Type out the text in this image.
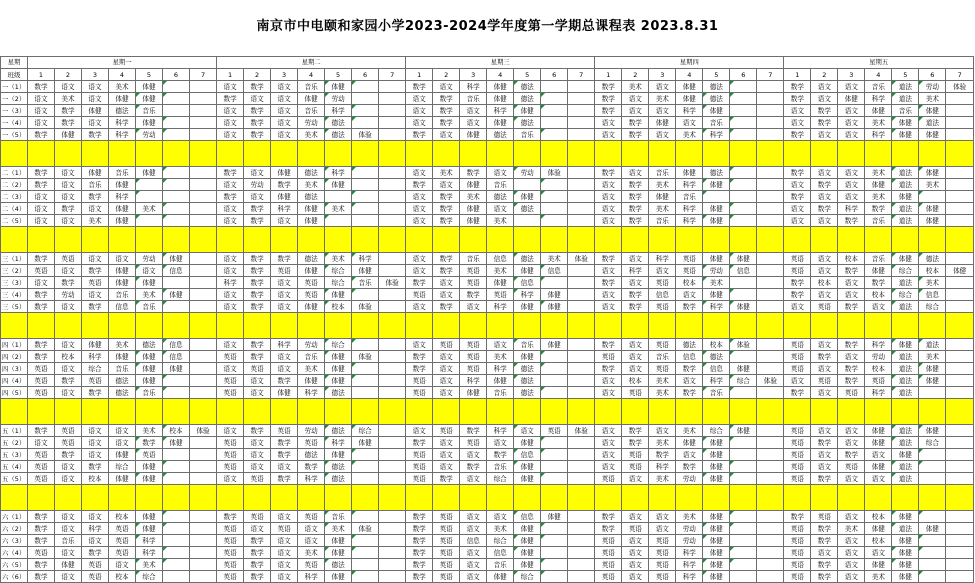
南京市中电颐和家园小学2023-2024学年度第一学期总课程表 2023.8.31
星期	星期一							星期二							星期三							星期四							星期五						
班级	1	2	3	4	5	6	7	1	2	3	4	5	6	7	1	2	3	4	5	6	7	1	2	3	4	5	6	7	1	2	3	4	5	6	7
一（1）	数学	语文	语文	美术	体健			语文	数学	语文	音乐	体健			数学	语文	科学	体健	德法			数学	美术	语文	体健	德法			数学	语文	语文	音乐	道法	劳动	体验
一（2）	语文	美术	语文	体健	体健			数学	语文	语文	体健	劳动			语文	数学	音乐	体健	德法			数学	语文	美术	体健	德法			数学	语文	体健	科学	道法	美术	
一（3）	语文	数学	体健	德法	音乐			语文	数学	语文	音乐	科学			语文	数学	语文	科学	体健			数学	语文	语文	科学	体健			语文	数学	语文	体健	音乐	体健	
一（4）	语文	数学	语文	科学	体健			语文	数学	语文	劳动	德法			语文	数学	语文	体健	德法			语文	数学	体健	语文	音乐			语文	数学	语文	美术	体健	道法	
一（5）	数学	体健	数学	科学	劳动			语文	数学	语文	美术	德法	体验		数学	语文	体健	德法	音乐			语文	数学	语文	美术	科学			数学	语文	语文	科学	体健	体健	

二（1）	数学	语文	体健	音乐	体健			数学	语文	体健	德法	科学			语文	美术	数学	语文	劳动	体验		数学	语文	音乐	体健	德法			数学	语文	语文	美术	道法	体健	
二（2）	数学	语文	音乐	体健				语文	劳动	数学	美术	体健			数学	语文	体健	音乐				语文	数学	美术	科学	体健			语文	数学	语文	体健	道法	美术	
二（3）	语文	语文	数学	科学				数学	语文	体健	德法				语文	数学	美术	德法	体健			语文	数学	体健	音乐				数学	语文	语文	美术	体健		
二（4）	语文	数学	语文	体健	美术			语文	数学	科学	体健	美术			语文	数学	体健	语文	德法			语文	数学	美术	科学	体健			语文	数学	科学	数学	道法	体健	
二（5）	语文	语文	美术	体健				语文	数学	语文	体健				语文	数学	体健	美术				语文	数学	音乐	科学	体健			语文	语文	数学	音乐	道法	体健	

三（1）	数学	英语	语文	语文	劳动	体健		语文	数学	数学	德法	美术	科学		语文	数学	音乐	信息	德法	美术	体验	数学	语文	科学	英语	体健	体健		英语	语文	校本	音乐	体健	德法	
三（2）	英语	语文	数学	体健	语文	信息		语文	数学	英语	体健	综合	体健		语文	数学	英语	美术	体健	信息		语文	科学	语文	英语	劳动	信息		英语	语文	数学	体健	综合	校本	体健
三（3）	语文	数学	英语	体健	体健			科学	数学	语文	英语	综合	音乐	体验	数学	语文	英语	体健	信息			数学	语文	英语	校本	美术			数学	校本	语文	数学	道法	美术	
三（4）	数学	劳动	语文	音乐	美术	体健		语文	数学	语文	英语	体健			英语	语文	数学	英语	科学	体健		语文	数学	信息	语文	体健			数学	语文	语文	校本	综合	信息	
三（5）	数学	语文	数学	信息	音乐			语文	数学	语文	体健	校本	体验		语文	数学	语文	科学	体健	体健		语文	数学	英语	数学	科学	体健		语文	英语	数学	语文	道法	综合	

四（1）	数学	语文	体健	美术	德法	信息		语文	数学	科学	劳动	综合			语文	英语	英语	语文	音乐	体健		数学	语文	英语	德法	校本	体验		英语	语文	数学	科学	体健	道法	
四（2）	数学	校本	科学	体健	体健	信息		英语	数学	语文	音乐	体健	体验		数学	语文	英语	美术	体健			英语	语文	音乐	信息	德法			英语	数学	语文	劳动	道法	美术	
四（3）	英语	语文	综合	音乐	体健	体健		语文	英语	语文	美术	体健			数学	语文	英语	科学	德法			数学	语文	英语	数学	信息	体健		英语	语文	数学	校本	道法	体健	
四（4）	英语	数学	英语	德法	体健			英语	语文	数学	体健	体健			英语	语文	科学	体健	德法			语文	校本	美术	语文	科学	综合	体验	语文	英语	数学	英语	道法	体健	
四（5）	英语	语文	数学	德法	音乐			英语	语文	体健	科学	德法			英语	语文	体健	音乐	德法			语文	英语	美术	数学	音乐			数学	语文	英语	科学	道法		

五（1）	数学	英语	语文	语文	美术	校本	体验	语文	数学	英语	劳动	德法	综合		语文	英语	数学	科学	语文	英语	体验	语文	数学	语文	美术	综合	体健		英语	语文	语文	体健	道法	体健	
五（2）	语文	英语	语文	语文	数学	体健		英语	语文	数学	英语	科学	体健		数学	语文	英语	语文	体健			语文	数学	美术	体健	体健			英语	数学	语文	体健	道法	综合	
五（3）	英语	数学	语文	体健	英语			英语	语文	数学	德法	体健			英语	语文	语文	数学	信息			语文	英语	数学	语文	体健			英语	语文	数学	语文	体健		
五（4）	英语	语文	数学	综合	体健			英语	语文	语文	数学	德法			英语	语文	数学	音乐	体健			语文	英语	科学	数学	体健			英语	语文	英语	体健	道法		
五（5）	英语	语文	校本	体健	体健			语文	英语	数学	科学	德法			英语	数学	语文	综合	体健			英语	语文	美术	劳动	体健			英语	数学	语文	语文	道法		

六（1）	数学	语文	语文	校本	体健			数学	英语	语文	英语	音乐			数学	英语	语文	语文	信息	体健		数学	语文	语文	美术	体健			数学	英语	语文	校本	体健		
六（2）	数学	语文	科学	英语	体健			英语	语文	英语	语文	美术	体验		数学	英语	语文	美术	体健			数学	英语	语文	劳动	体健			英语	数学	美术	体健	道法	体健	
六（3）	数学	音乐	语文	英语	科学			英语	数学	语文	语文	体健			数学	英语	信息	综合	体健			英语	语文	英语	劳动	体健			英语	数学	语文	校本	体健		
六（4）	英语	语文	数学	英语	科学			英语	数学	语文	美术	体健			数学	英语	语文	信息	体健			英语	语文	英语	科学	体健			英语	语文	语文	语文	体健		
六（5）	数学	体健	英语	语文	美术			英语	数学	语文	英语	德法			数学	英语	语文	音乐	体健			英语	语文	英语	科学	体健			英语	数学	语文	体健	体健		
六（6）	数学	语文	英语	校本	综合			英语	数学	语文	科学	体健			数学	英语	语文	体健	综合			英语	语文	英语	科学	体健			英语	数学	语文	美术	体健		
